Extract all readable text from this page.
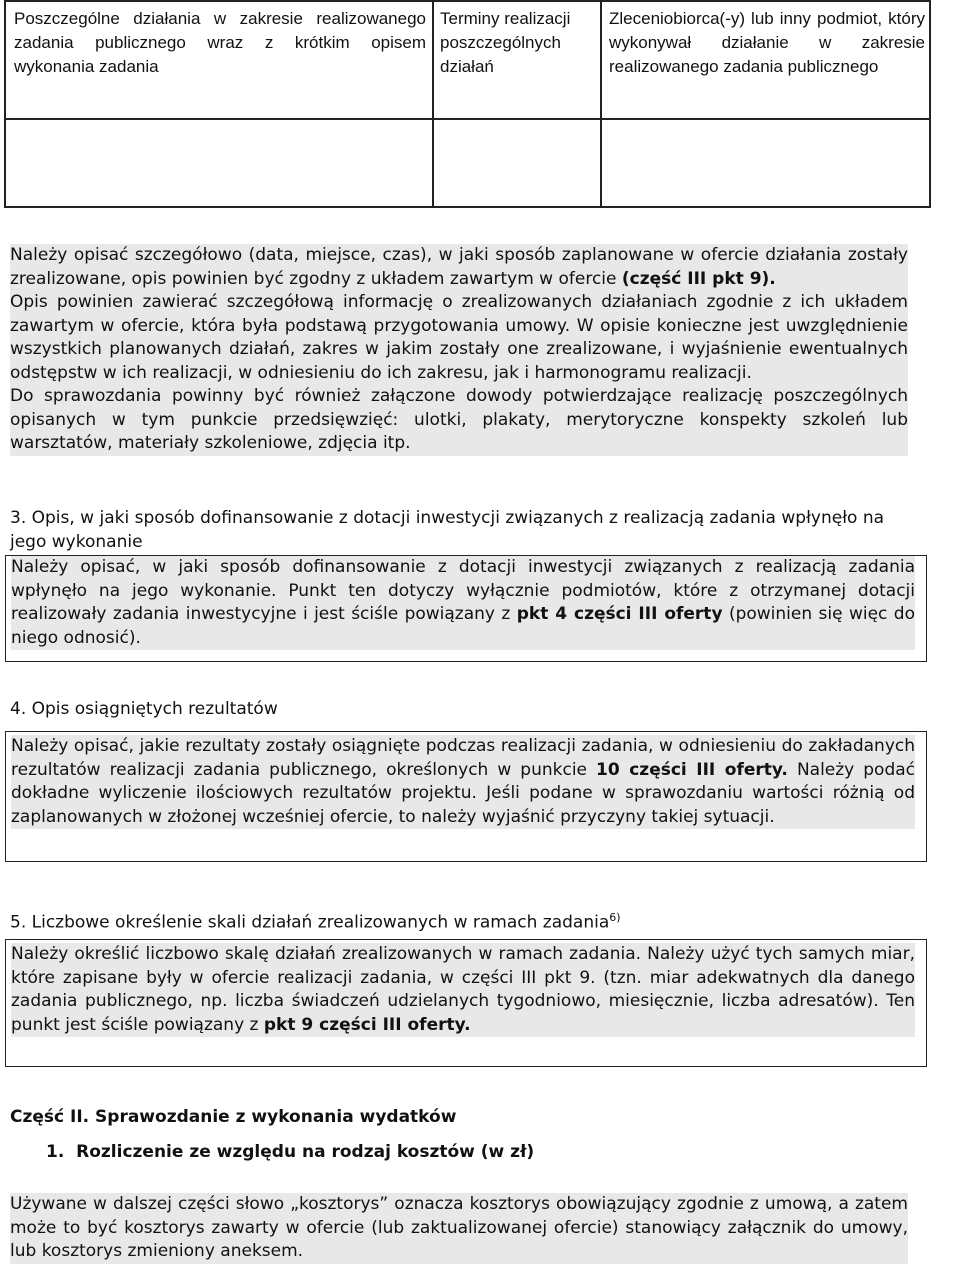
Poszczególne działania w zakresie realizowanego zadania publicznego wraz z krótkim opisem wykonania zadania
Terminy realizacji poszczególnych działań
Zleceniobiorca(-y) lub inny podmiot, który wykonywał działanie w zakresie realizowanego zadania publicznego
Należy opisać szczegółowo (data, miejsce, czas), w jaki sposób zaplanowane w ofercie działania zostały zrealizowane, opis powinien być zgodny z układem zawartym w ofercie (część III pkt 9).
Opis powinien zawierać szczegółową informację o zrealizowanych działaniach zgodnie z ich układem zawartym w ofercie, która była podstawą przygotowania umowy. W opisie konieczne jest uwzględnienie wszystkich planowanych działań, zakres w jakim zostały one zrealizowane, i wyjaśnienie ewentualnych odstępstw w ich realizacji, w odniesieniu do ich zakresu, jak i harmonogramu realizacji.
Do sprawozdania powinny być również załączone dowody potwierdzające realizację poszczególnych opisanych w tym punkcie przedsięwzięć: ulotki, plakaty, merytoryczne konspekty szkoleń lub warsztatów, materiały szkoleniowe, zdjęcia itp.
3. Opis, w jaki sposób dofinansowanie z dotacji inwestycji związanych z realizacją zadania wpłynęło na jego wykonanie
Należy opisać, w jaki sposób dofinansowanie z dotacji inwestycji związanych z realizacją zadania wpłynęło na jego wykonanie. Punkt ten dotyczy wyłącznie podmiotów, które z otrzymanej dotacji realizowały zadania inwestycyjne i jest ściśle powiązany z pkt 4 części III oferty (powinien się więc do niego odnosić).
4. Opis osiągniętych rezultatów
Należy opisać, jakie rezultaty zostały osiągnięte podczas realizacji zadania, w odniesieniu do zakładanych rezultatów realizacji zadania publicznego, określonych w punkcie 10 części III oferty. Należy podać dokładne wyliczenie ilościowych rezultatów projektu. Jeśli podane w sprawozdaniu wartości różnią od zaplanowanych w złożonej wcześniej ofercie, to należy wyjaśnić przyczyny takiej sytuacji.
5. Liczbowe określenie skali działań zrealizowanych w ramach zadania$^{6)}$
Należy określić liczbowo skalę działań zrealizowanych w ramach zadania. Należy użyć tych samych miar, które zapisane były w ofercie realizacji zadania, w części III pkt 9. (tzn. miar adekwatnych dla danego zadania publicznego, np. liczba świadczeń udzielanych tygodniowo, miesięcznie, liczba adresatów). Ten punkt jest ściśle powiązany z pkt 9 części III oferty.
Część II. Sprawozdanie z wykonania wydatków
1.  Rozliczenie ze względu na rodzaj kosztów (w zł)
Używane w dalszej części słowo „kosztorys” oznacza kosztorys obowiązujący zgodnie z umową, a zatem może to być kosztorys zawarty w ofercie (lub zaktualizowanej ofercie) stanowiący załącznik do umowy, lub kosztorys zmieniony aneksem.
